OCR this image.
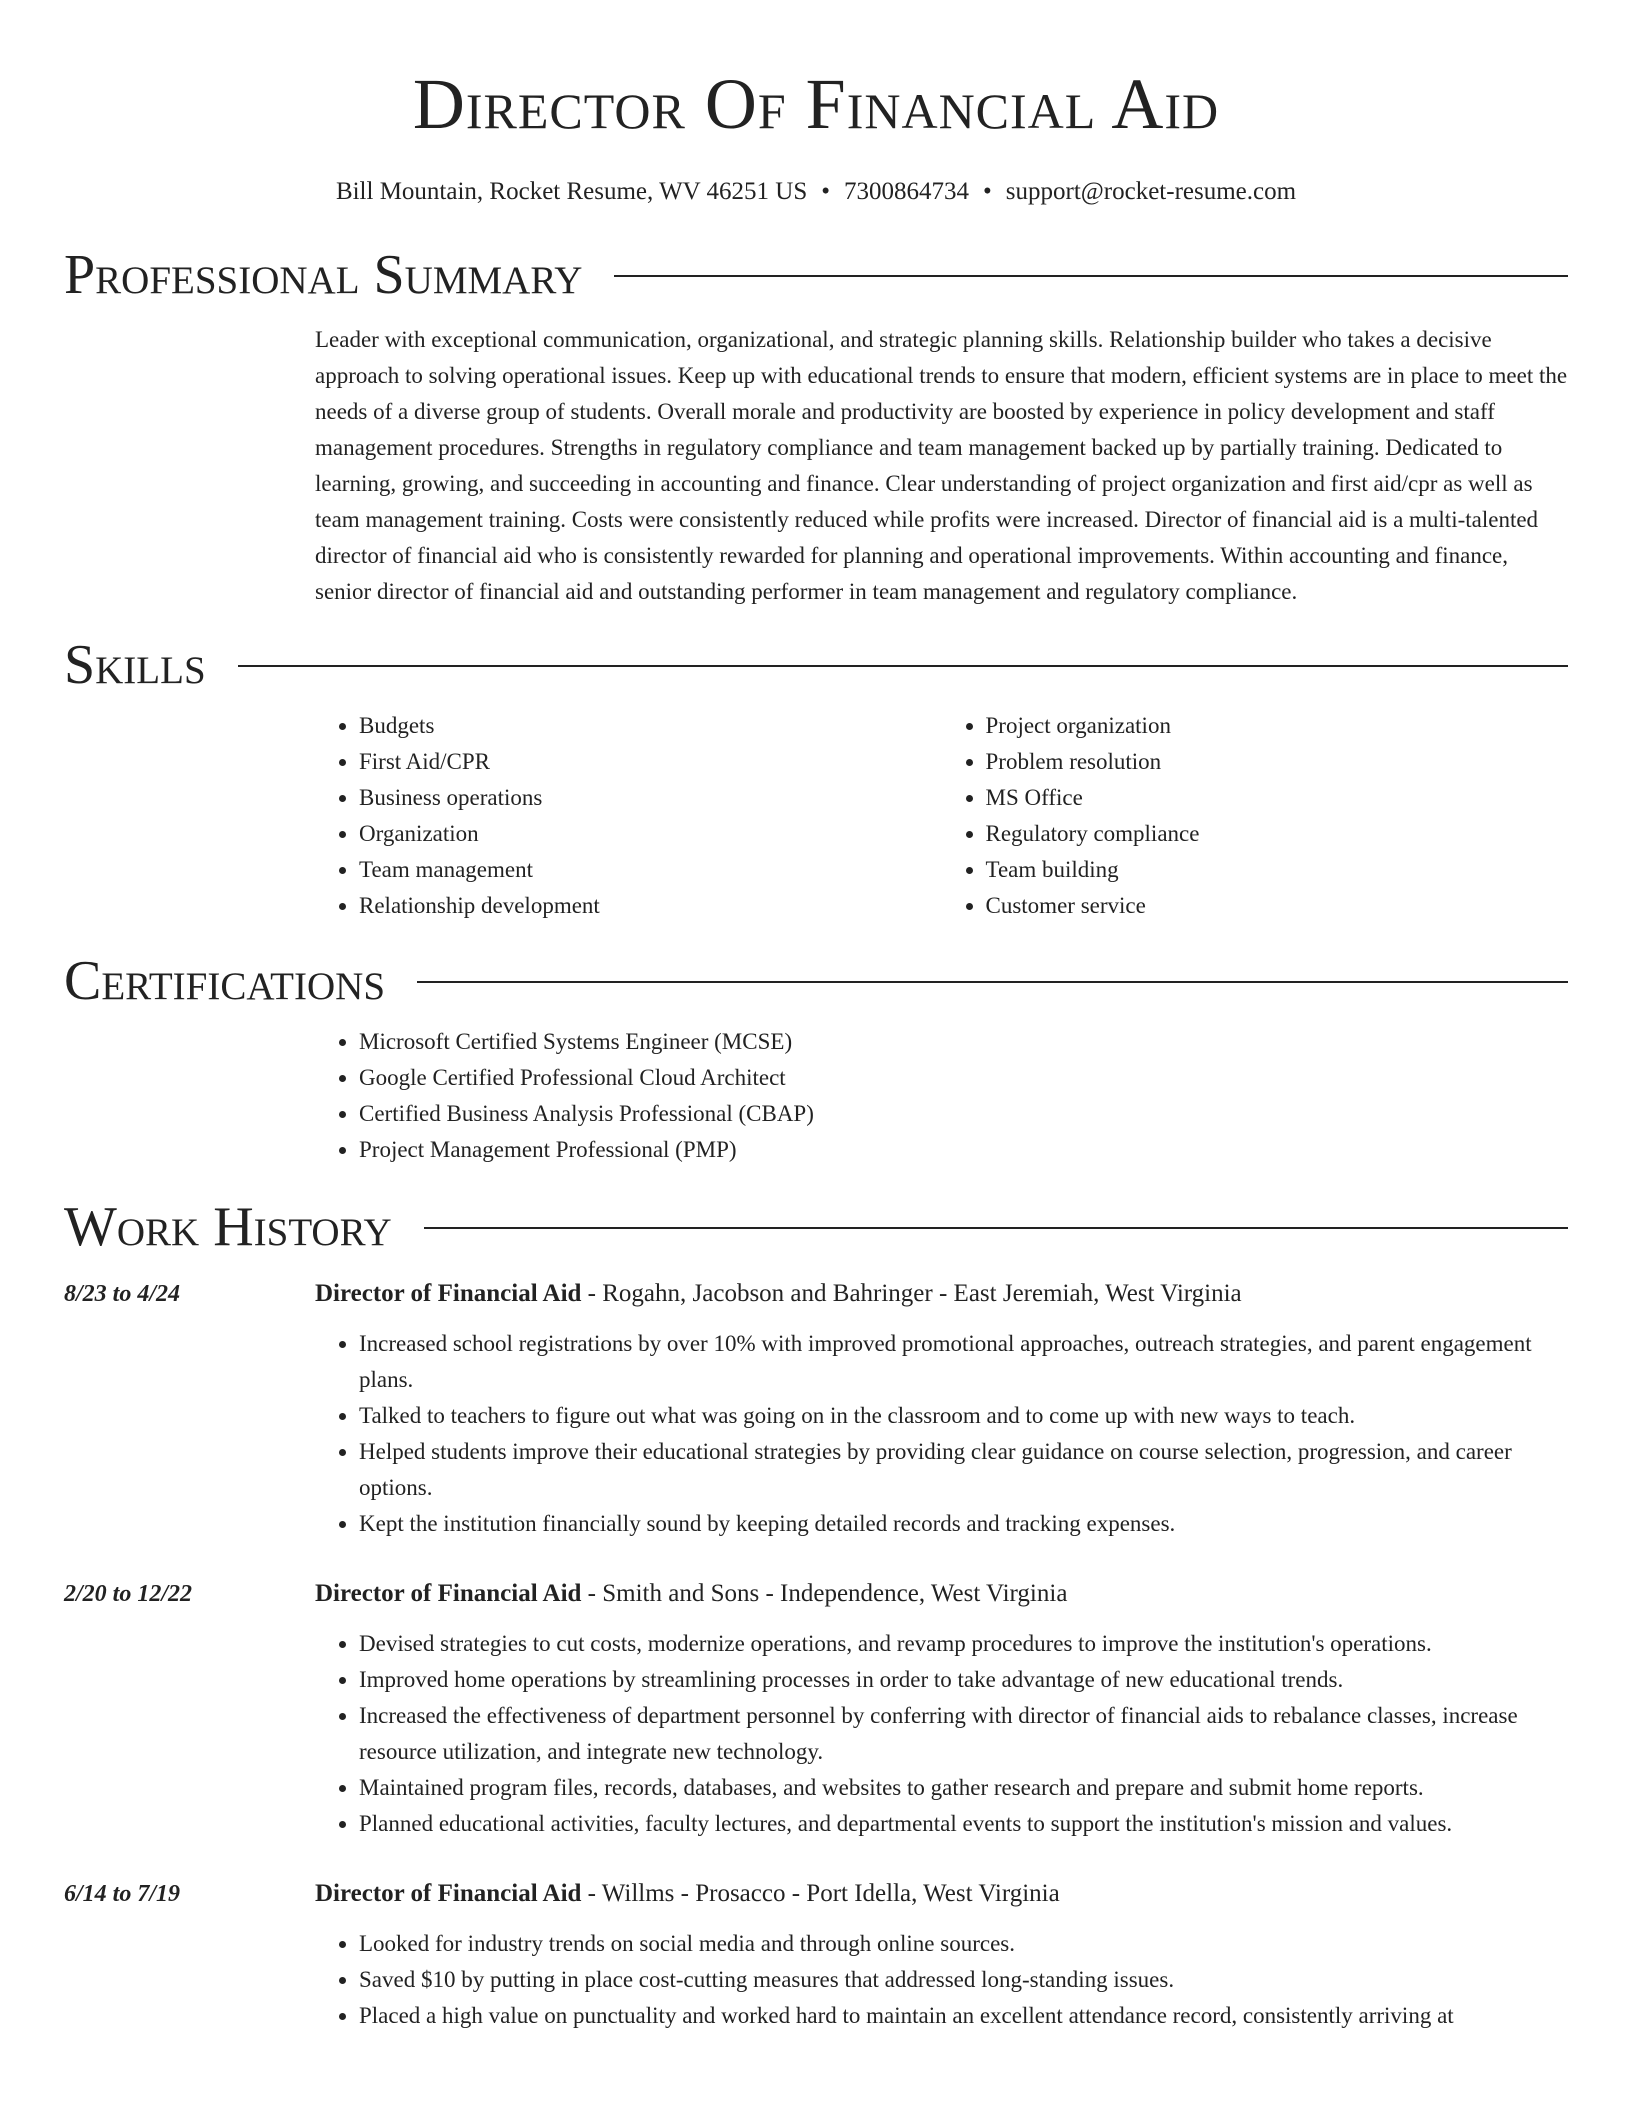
Director Of Financial Aid
Bill Mountain, Rocket Resume, WV 46251 US • 7300864734 • support@rocket-resume.com
Professional Summary
Leader with exceptional communication, organizational, and strategic planning skills. Relationship builder who takes a decisive approach to solving operational issues. Keep up with educational trends to ensure that modern, efficient systems are in place to meet the needs of a diverse group of students. Overall morale and productivity are boosted by experience in policy development and staff management procedures. Strengths in regulatory compliance and team management backed up by partially training. Dedicated to learning, growing, and succeeding in accounting and finance. Clear understanding of project organization and first aid/cpr as well as team management training. Costs were consistently reduced while profits were increased. Director of financial aid is a multi-talented director of financial aid who is consistently rewarded for planning and operational improvements. Within accounting and finance, senior director of financial aid and outstanding performer in team management and regulatory compliance.
Skills
• Budgets
• First Aid/CPR
• Business operations
• Organization
• Team management
• Relationship development
• Project organization
• Problem resolution
• MS Office
• Regulatory compliance
• Team building
• Customer service
Certifications
• Microsoft Certified Systems Engineer (MCSE)
• Google Certified Professional Cloud Architect
• Certified Business Analysis Professional (CBAP)
• Project Management Professional (PMP)
Work History
8/23 to 4/24	Director of Financial Aid - Rogahn, Jacobson and Bahringer - East Jeremiah, West Virginia
• Increased school registrations by over 10% with improved promotional approaches, outreach strategies, and parent engagement plans.
• Talked to teachers to figure out what was going on in the classroom and to come up with new ways to teach.
• Helped students improve their educational strategies by providing clear guidance on course selection, progression, and career options.
• Kept the institution financially sound by keeping detailed records and tracking expenses.
2/20 to 12/22	Director of Financial Aid - Smith and Sons - Independence, West Virginia
• Devised strategies to cut costs, modernize operations, and revamp procedures to improve the institution's operations.
• Improved home operations by streamlining processes in order to take advantage of new educational trends.
• Increased the effectiveness of department personnel by conferring with director of financial aids to rebalance classes, increase resource utilization, and integrate new technology.
• Maintained program files, records, databases, and websites to gather research and prepare and submit home reports.
• Planned educational activities, faculty lectures, and departmental events to support the institution's mission and values.
6/14 to 7/19	Director of Financial Aid - Willms - Prosacco - Port Idella, West Virginia
• Looked for industry trends on social media and through online sources.
• Saved $10 by putting in place cost-cutting measures that addressed long-standing issues.
• Placed a high value on punctuality and worked hard to maintain an excellent attendance record, consistently arriving at
